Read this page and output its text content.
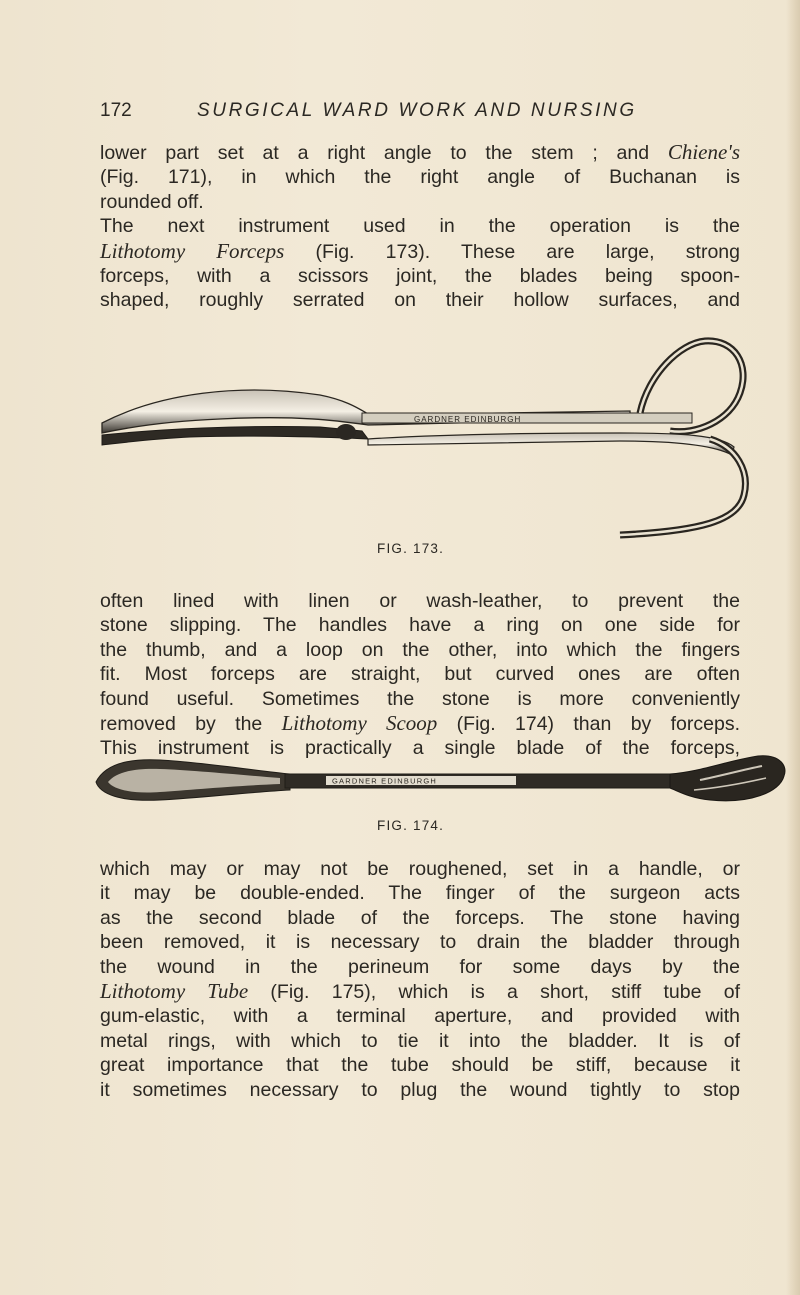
172	SURGICAL WARD WORK AND NURSING

lower part set at a right angle to the stem ; and Chiene's
(Fig. 171), in which the right angle of Buchanan is
rounded off.
The next instrument used in the operation is the
Lithotomy Forceps (Fig. 173). These are large, strong
forceps, with a scissors joint, the blades being spoon-
shaped, roughly serrated on their hollow surfaces, and

GARDNER EDINBURGH
FIG. 173.

often lined with linen or wash-leather, to prevent the
stone slipping. The handles have a ring on one side for
the thumb, and a loop on the other, into which the fingers
fit. Most forceps are straight, but curved ones are often
found useful. Sometimes the stone is more conveniently
removed by the Lithotomy Scoop (Fig. 174) than by forceps.
This instrument is practically a single blade of the forceps,

GARDNER EDINBURGH
FIG. 174.

which may or may not be roughened, set in a handle, or
it may be double-ended. The finger of the surgeon acts
as the second blade of the forceps. The stone having
been removed, it is necessary to drain the bladder through
the wound in the perineum for some days by the
Lithotomy Tube (Fig. 175), which is a short, stiff tube of
gum-elastic, with a terminal aperture, and provided with
metal rings, with which to tie it into the bladder. It is of
great importance that the tube should be stiff, because it
it sometimes necessary to plug the wound tightly to stop
